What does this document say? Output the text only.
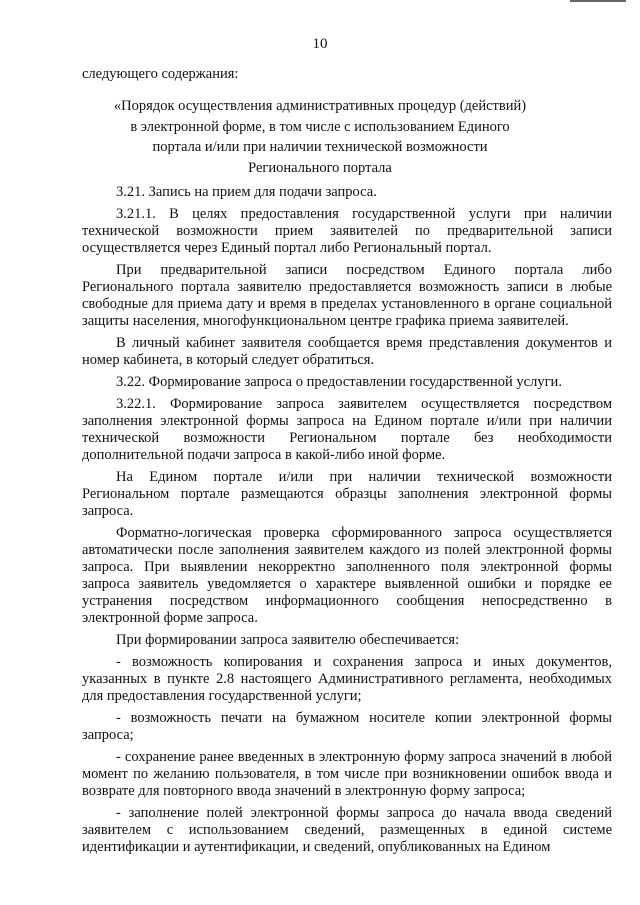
10
следующего содержания:
«Порядок осуществления административных процедур (действий)
в электронной форме, в том числе с использованием Единого
портала и/или при наличии технической возможности
Регионального портала

3.21. Запись на прием для подачи запроса.

3.21.1. В целях предоставления государственной услуги при наличии технической возможности прием заявителей по предварительной записи осуществляется через Единый портал либо Региональный портал.

При предварительной записи посредством Единого портала либо Регионального портала заявителю предоставляется возможность записи в любые свободные для приема дату и время в пределах установленного в органе социальной защиты населения, многофункциональном центре графика приема заявителей.

В личный кабинет заявителя сообщается время представления документов и номер кабинета, в который следует обратиться.

3.22. Формирование запроса о предоставлении государственной услуги.

3.22.1. Формирование запроса заявителем осуществляется посредством заполнения электронной формы запроса на Едином портале и/или при наличии технической возможности Региональном портале без необходимости дополнительной подачи запроса в какой-либо иной форме.

На Едином портале и/или при наличии технической возможности Региональном портале размещаются образцы заполнения электронной формы запроса.

Форматно-логическая проверка сформированного запроса осуществляется автоматически после заполнения заявителем каждого из полей электронной формы запроса. При выявлении некорректно заполненного поля электронной формы запроса заявитель уведомляется о характере выявленной ошибки и порядке ее устранения посредством информационного сообщения непосредственно в электронной форме запроса.

При формировании запроса заявителю обеспечивается:

- возможность копирования и сохранения запроса и иных документов, указанных в пункте 2.8 настоящего Административного регламента, необходимых для предоставления государственной услуги;

- возможность печати на бумажном носителе копии электронной формы запроса;

- сохранение ранее введенных в электронную форму запроса значений в любой момент по желанию пользователя, в том числе при возникновении ошибок ввода и возврате для повторного ввода значений в электронную форму запроса;

- заполнение полей электронной формы запроса до начала ввода сведений заявителем с использованием сведений, размещенных в единой системе идентификации и аутентификации, и сведений, опубликованных на Едином
